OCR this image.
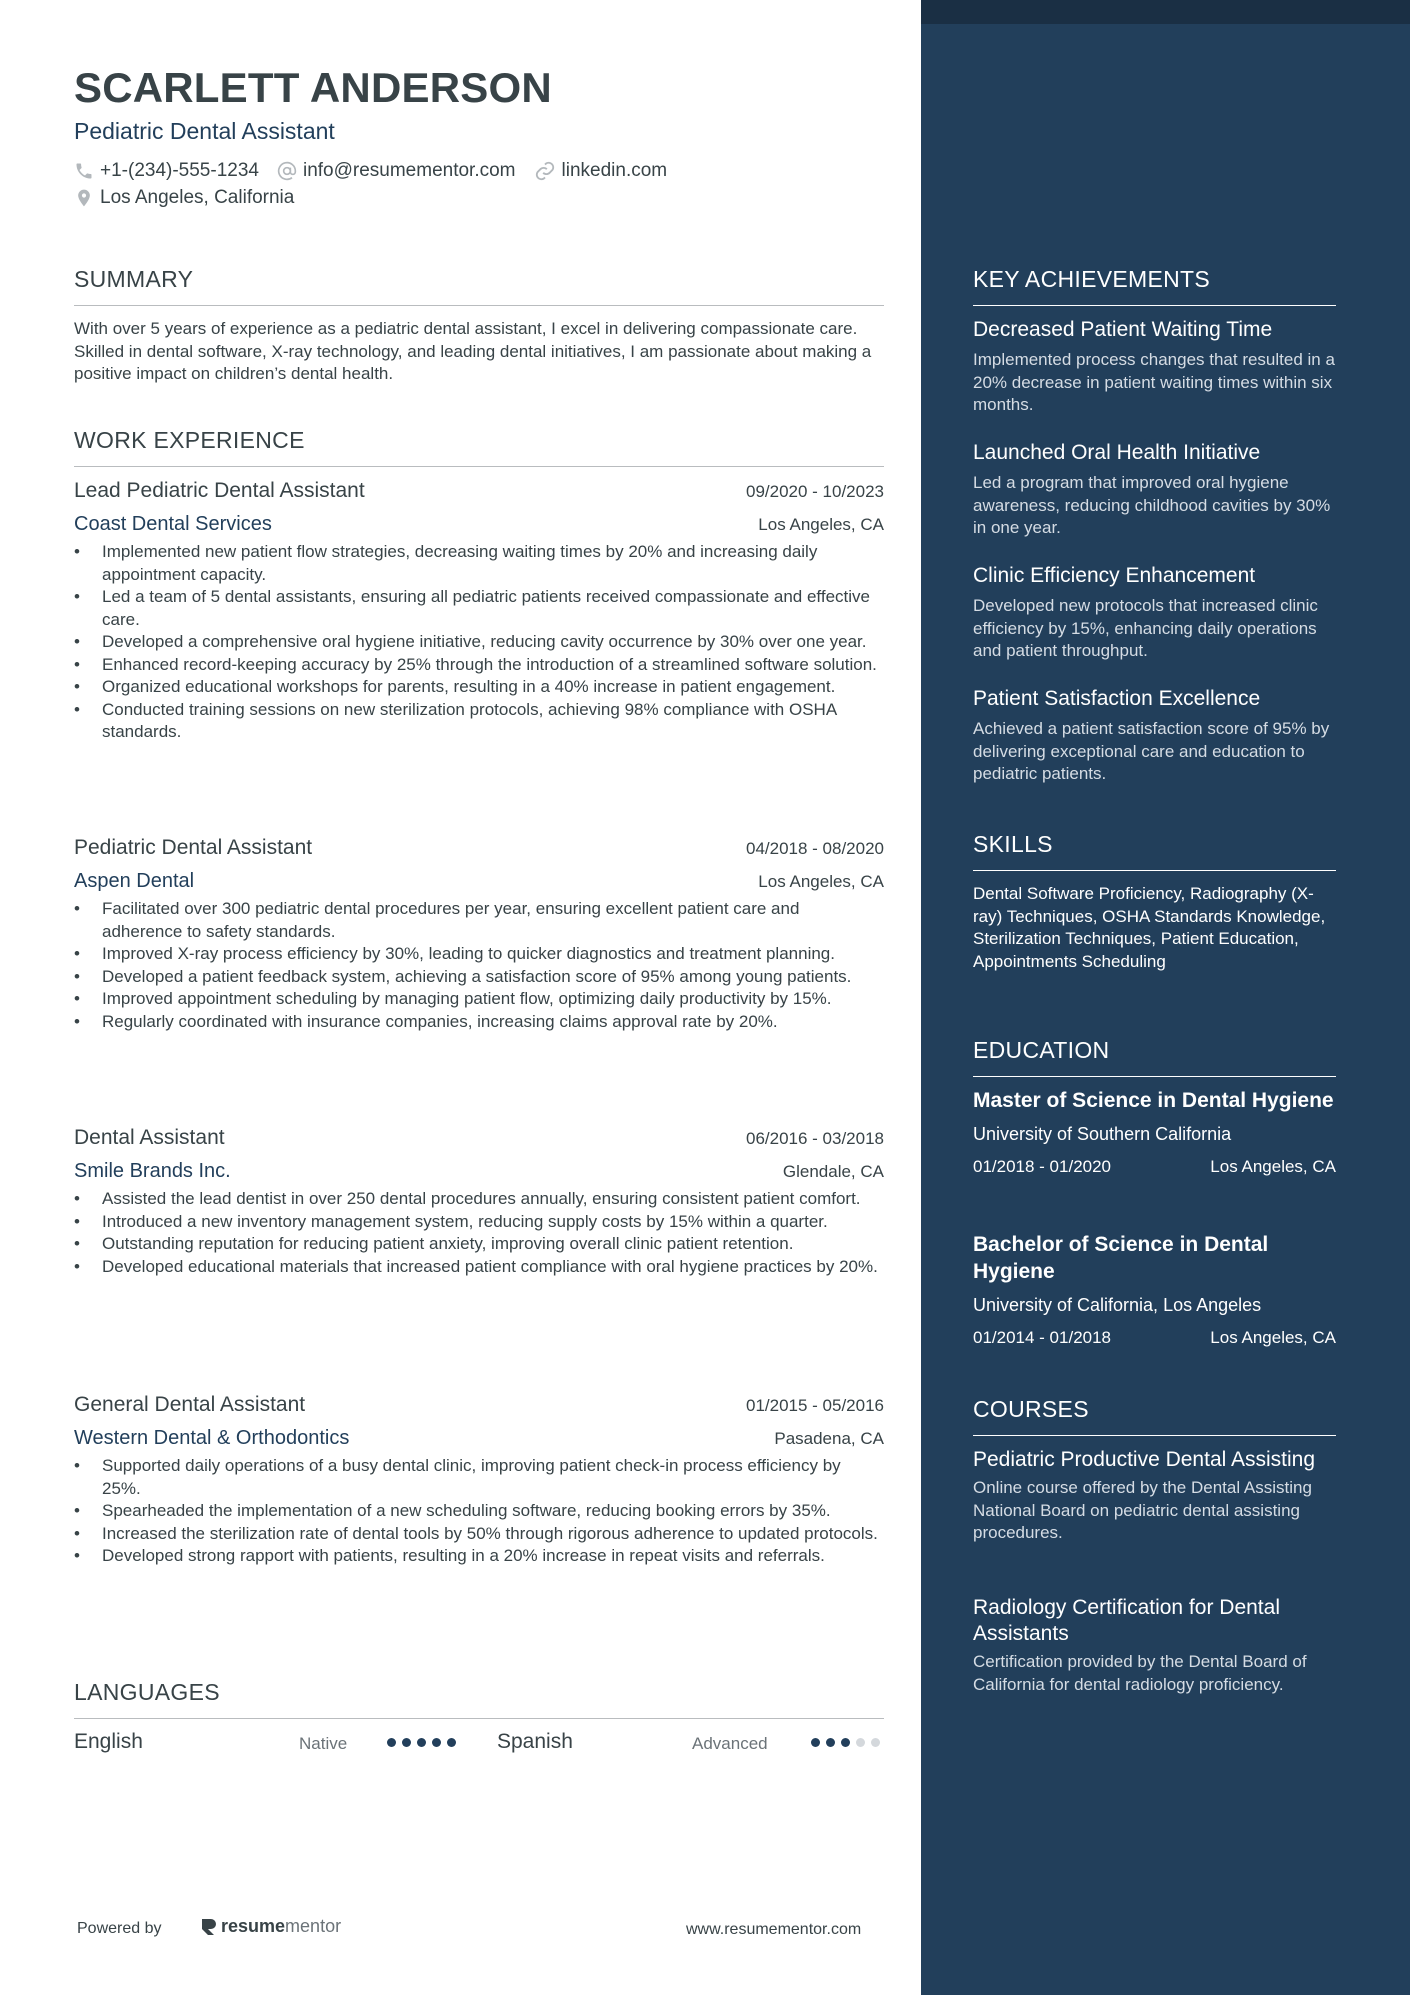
SCARLETT ANDERSON
Pediatric Dental Assistant
+1-(234)-555-1234 info@resumementor.com linkedin.com
Los Angeles, California
SUMMARY
With over 5 years of experience as a pediatric dental assistant, I excel in delivering compassionate care. Skilled in dental software, X-ray technology, and leading dental initiatives, I am passionate about making a positive impact on children’s dental health.
WORK EXPERIENCE
Lead Pediatric Dental Assistant	09/2020 - 10/2023
Coast Dental Services	Los Angeles, CA
• Implemented new patient flow strategies, decreasing waiting times by 20% and increasing daily appointment capacity.
• Led a team of 5 dental assistants, ensuring all pediatric patients received compassionate and effective care.
• Developed a comprehensive oral hygiene initiative, reducing cavity occurrence by 30% over one year.
• Enhanced record-keeping accuracy by 25% through the introduction of a streamlined software solution.
• Organized educational workshops for parents, resulting in a 40% increase in patient engagement.
• Conducted training sessions on new sterilization protocols, achieving 98% compliance with OSHA standards.
Pediatric Dental Assistant	04/2018 - 08/2020
Aspen Dental	Los Angeles, CA
• Facilitated over 300 pediatric dental procedures per year, ensuring excellent patient care and adherence to safety standards.
• Improved X-ray process efficiency by 30%, leading to quicker diagnostics and treatment planning.
• Developed a patient feedback system, achieving a satisfaction score of 95% among young patients.
• Improved appointment scheduling by managing patient flow, optimizing daily productivity by 15%.
• Regularly coordinated with insurance companies, increasing claims approval rate by 20%.
Dental Assistant	06/2016 - 03/2018
Smile Brands Inc.	Glendale, CA
• Assisted the lead dentist in over 250 dental procedures annually, ensuring consistent patient comfort.
• Introduced a new inventory management system, reducing supply costs by 15% within a quarter.
• Outstanding reputation for reducing patient anxiety, improving overall clinic patient retention.
• Developed educational materials that increased patient compliance with oral hygiene practices by 20%.
General Dental Assistant	01/2015 - 05/2016
Western Dental & Orthodontics	Pasadena, CA
• Supported daily operations of a busy dental clinic, improving patient check-in process efficiency by 25%.
• Spearheaded the implementation of a new scheduling software, reducing booking errors by 35%.
• Increased the sterilization rate of dental tools by 50% through rigorous adherence to updated protocols.
• Developed strong rapport with patients, resulting in a 20% increase in repeat visits and referrals.
LANGUAGES
English	Native	Spanish	Advanced
Powered by	resume mentor	www.resumementor.com
KEY ACHIEVEMENTS
Decreased Patient Waiting Time
Implemented process changes that resulted in a 20% decrease in patient waiting times within six months.
Launched Oral Health Initiative
Led a program that improved oral hygiene awareness, reducing childhood cavities by 30% in one year.
Clinic Efficiency Enhancement
Developed new protocols that increased clinic efficiency by 15%, enhancing daily operations and patient throughput.
Patient Satisfaction Excellence
Achieved a patient satisfaction score of 95% by delivering exceptional care and education to pediatric patients.
SKILLS
Dental Software Proficiency, Radiography (X-ray) Techniques, OSHA Standards Knowledge, Sterilization Techniques, Patient Education, Appointments Scheduling
EDUCATION
Master of Science in Dental Hygiene
University of Southern California
01/2018 - 01/2020	Los Angeles, CA
Bachelor of Science in Dental Hygiene
University of California, Los Angeles
01/2014 - 01/2018	Los Angeles, CA
COURSES
Pediatric Productive Dental Assisting
Online course offered by the Dental Assisting National Board on pediatric dental assisting procedures.
Radiology Certification for Dental Assistants
Certification provided by the Dental Board of California for dental radiology proficiency.
